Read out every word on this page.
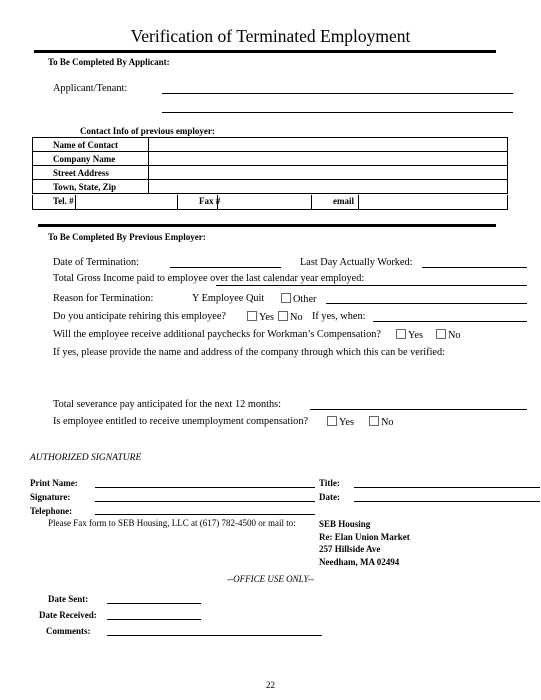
Verification of Terminated Employment
To Be Completed By Applicant:
Applicant/Tenant:
Contact Info of previous employer:
Name of Contact	
Company Name	
Street Address	
Town, State, Zip	
Tel. #	Fax #	email
To Be Completed By Previous Employer:
Date of Termination:	Last Day Actually Worked:
Total Gross Income paid to employee over the last calendar year employed:
Reason for Termination:	Y Employee Quit	Other
Do you anticipate rehiring this employee?	Yes	No If yes, when:
Will the employee receive additional paychecks for Workman’s Compensation?	Yes	No
If yes, please provide the name and address of the company through which this can be verified:
Total severance pay anticipated for the next 12 months:
Is employee entitled to receive unemployment compensation?	Yes	No
AUTHORIZED SIGNATURE
Print Name:	Title:
Signature:	Date:
Telephone:
Please Fax form to SEB Housing, LLC at (617) 782-4500 or mail to:	SEB Housing
Re: Elan Union Market
257 Hillside Ave
Needham, MA 02494
--OFFICE USE ONLY--
Date Sent:
Date Received:
Comments:
22
